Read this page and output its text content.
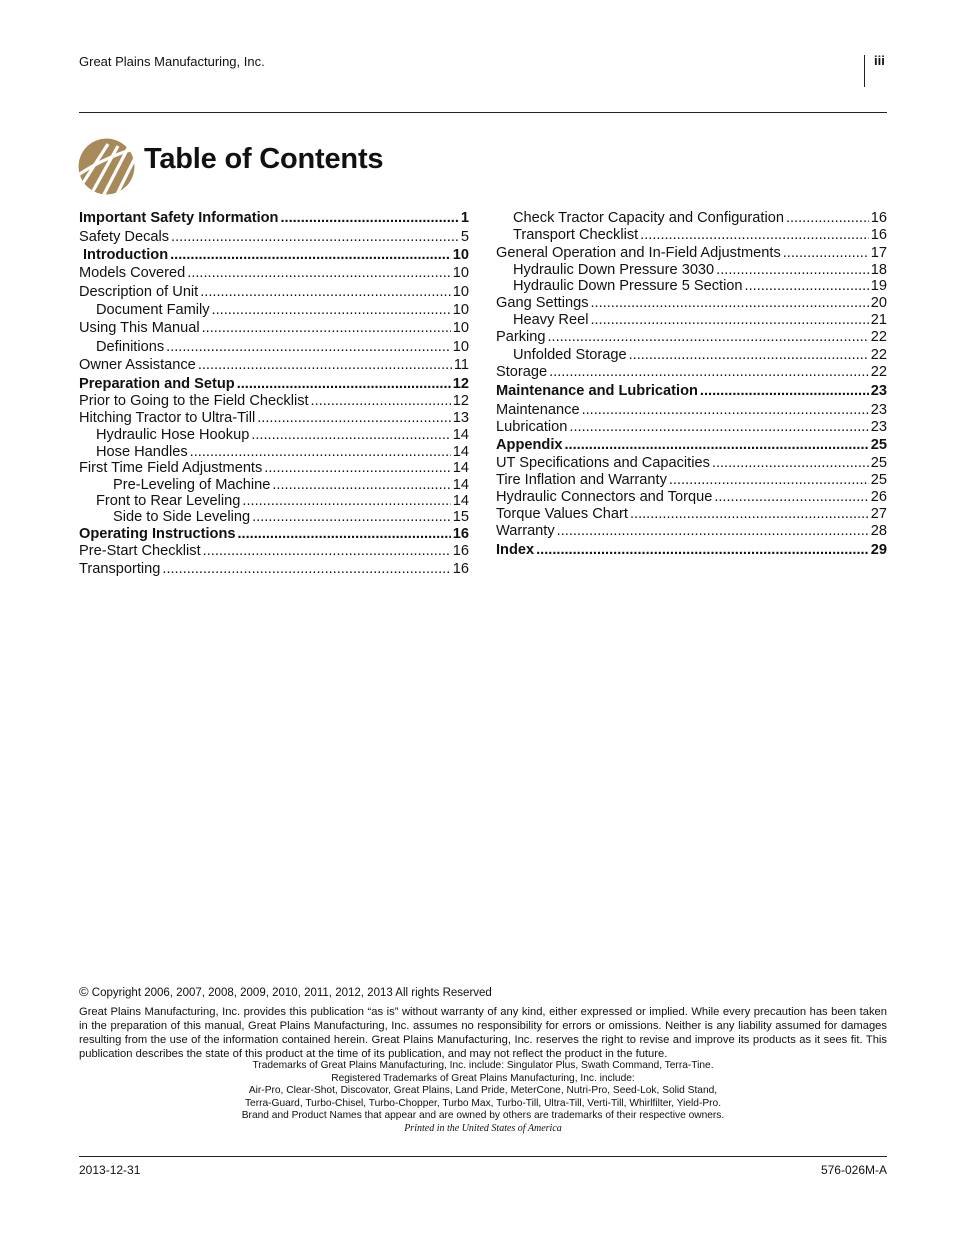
Great Plains Manufacturing, Inc.	iii
Table of Contents
Important Safety Information .....	1
Safety Decals .....	5
Introduction .....	10
Models Covered .....	10
Description of Unit .....	10
Document Family .....	10
Using This Manual .....	10
Definitions .....	10
Owner Assistance .....	11
Preparation and Setup .....	12
Prior to Going to the Field Checklist .....	12
Hitching Tractor to Ultra-Till .....	13
Hydraulic Hose Hookup .....	14
Hose Handles .....	14
First Time Field Adjustments .....	14
Pre-Leveling of Machine .....	14
Front to Rear Leveling .....	14
Side to Side Leveling .....	15
Operating Instructions .....	16
Pre-Start Checklist .....	16
Transporting .....	16
Check Tractor Capacity and Configuration .....	16
Transport Checklist .....	16
General Operation and In-Field Adjustments .....	17
Hydraulic Down Pressure 3030 .....	18
Hydraulic Down Pressure 5 Section .....	19
Gang Settings .....	20
Heavy Reel .....	21
Parking .....	22
Unfolded Storage .....	22
Storage .....	22
Maintenance and Lubrication .....	23
Maintenance .....	23
Lubrication .....	23
Appendix .....	25
UT Specifications and Capacities .....	25
Tire Inflation and Warranty .....	25
Hydraulic Connectors and Torque .....	26
Torque Values Chart .....	27
Warranty .....	28
Index .....	29
© Copyright 2006, 2007, 2008, 2009, 2010, 2011, 2012, 2013 All rights Reserved
Great Plains Manufacturing, Inc. provides this publication “as is” without warranty of any kind, either expressed or implied. While every precaution has been taken in the preparation of this manual, Great Plains Manufacturing, Inc. assumes no responsibility for errors or omissions. Neither is any liability assumed for damages resulting from the use of the information contained herein. Great Plains Manufacturing, Inc. reserves the right to revise and improve its products as it sees fit. This publication describes the state of this product at the time of its publication, and may not reflect the product in the future.
Trademarks of Great Plains Manufacturing, Inc. include: Singulator Plus, Swath Command, Terra-Tine.
Registered Trademarks of Great Plains Manufacturing, Inc. include:
Air-Pro, Clear-Shot, Discovator, Great Plains, Land Pride, MeterCone, Nutri-Pro, Seed-Lok, Solid Stand,
Terra-Guard, Turbo-Chisel, Turbo-Chopper, Turbo Max, Turbo-Till, Ultra-Till, Verti-Till, Whirlfilter, Yield-Pro.
Brand and Product Names that appear and are owned by others are trademarks of their respective owners.
Printed in the United States of America
2013-12-31	576-026M-A
